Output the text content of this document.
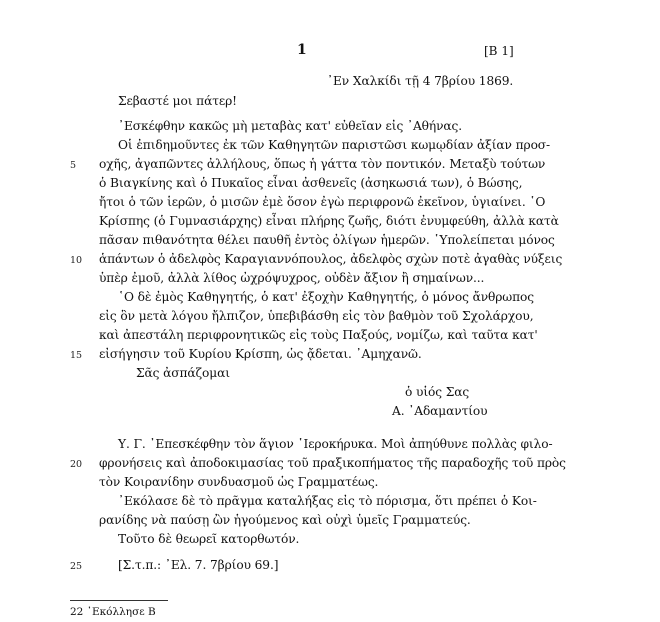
1	[Β 1]
᾽Εν Χαλκίδι τῇ 4 7βρίου 1869.
Σεβαστέ μοι πάτερ!
᾽Εσκέφθην κακῶς μὴ μεταβὰς κατ' εὐθεῖαν εἰς ᾽Αθήνας.
Οἱ ἐπιδημοῦντες ἐκ τῶν Καθηγητῶν παριστῶσι κωμῳδίαν ἀξίαν προσ-
οχῆς, ἀγαπῶντες ἀλλήλους, ὅπως ἡ γάττα τὸν ποντικόν. Μεταξὺ τούτων
ὁ Βιαγκίνης καὶ ὁ Πυκαῖος εἶναι ἀσθενεῖς (ἀσηκωσιά των), ὁ Βώσης,
ἤτοι ὁ τῶν ἱερῶν, ὁ μισῶν ἐμὲ ὅσον ἐγὼ περιφρονῶ ἐκεῖνον, ὑγιαίνει. ῾Ο
Κρίσπης (ὁ Γυμνασιάρχης) εἶναι πλήρης ζωῆς, διότι ἐνυμφεύθη, ἀλλὰ κατὰ
πᾶσαν πιθανότητα θέλει παυθῆ ἐντὸς ὀλίγων ἡμερῶν. ῾Υπολείπεται μόνος
ἁπάντων ὁ ἀδελφὸς Καραγιαννόπουλος, ἀδελφὸς σχὼν ποτὲ ἀγαθὰς νύξεις
ὑπὲρ ἐμοῦ, ἀλλὰ λίθος ὠχρόψυχρος, οὐδὲν ἄξιον ἢ σημαίνων...
῾Ο δὲ ἐμὸς Καθηγητής, ὁ κατ' ἐξοχὴν Καθηγητής, ὁ μόνος ἄνθρωπος
εἰς ὃν μετὰ λόγου ἤλπιζον, ὑπεβιβάσθη εἰς τὸν βαθμὸν τοῦ Σχολάρχου,
καὶ ἀπεστάλη περιφρονητικῶς εἰς τοὺς Παξούς, νομίζω, καὶ ταῦτα κατ'
εἰσήγησιν τοῦ Κυρίου Κρίσπη, ὡς ᾄδεται. ᾽Αμηχανῶ.
Σᾶς ἀσπάζομαι
ὁ υἱός Σας
Α. ᾽Αδαμαντίου
Υ. Γ. ᾽Επεσκέφθην τὸν ἅγιον ῾Ιεροκήρυκα. Μοὶ ἀπηύθυνε πολλὰς φιλο-
φρονήσεις καὶ ἀποδοκιμασίας τοῦ πραξικοπήματος τῆς παραδοχῆς τοῦ πρὸς
τὸν Κοιρανίδην συνδυασμοῦ ὡς Γραμματέως.
᾽Εκόλασε δὲ τὸ πρᾶγμα καταλήξας εἰς τὸ πόρισμα, ὅτι πρέπει ὁ Κοι-
ρανίδης νὰ παύσῃ ὢν ἡγούμενος καὶ οὐχὶ ὑμεῖς Γραμματεύς.
Τοῦτο δὲ θεωρεῖ κατορθωτόν.
[Σ.τ.π.: ᾽Ελ. 7. 7βρίου 69.]
5
10
15
20
25
22 ᾽Εκόλλησε Β
